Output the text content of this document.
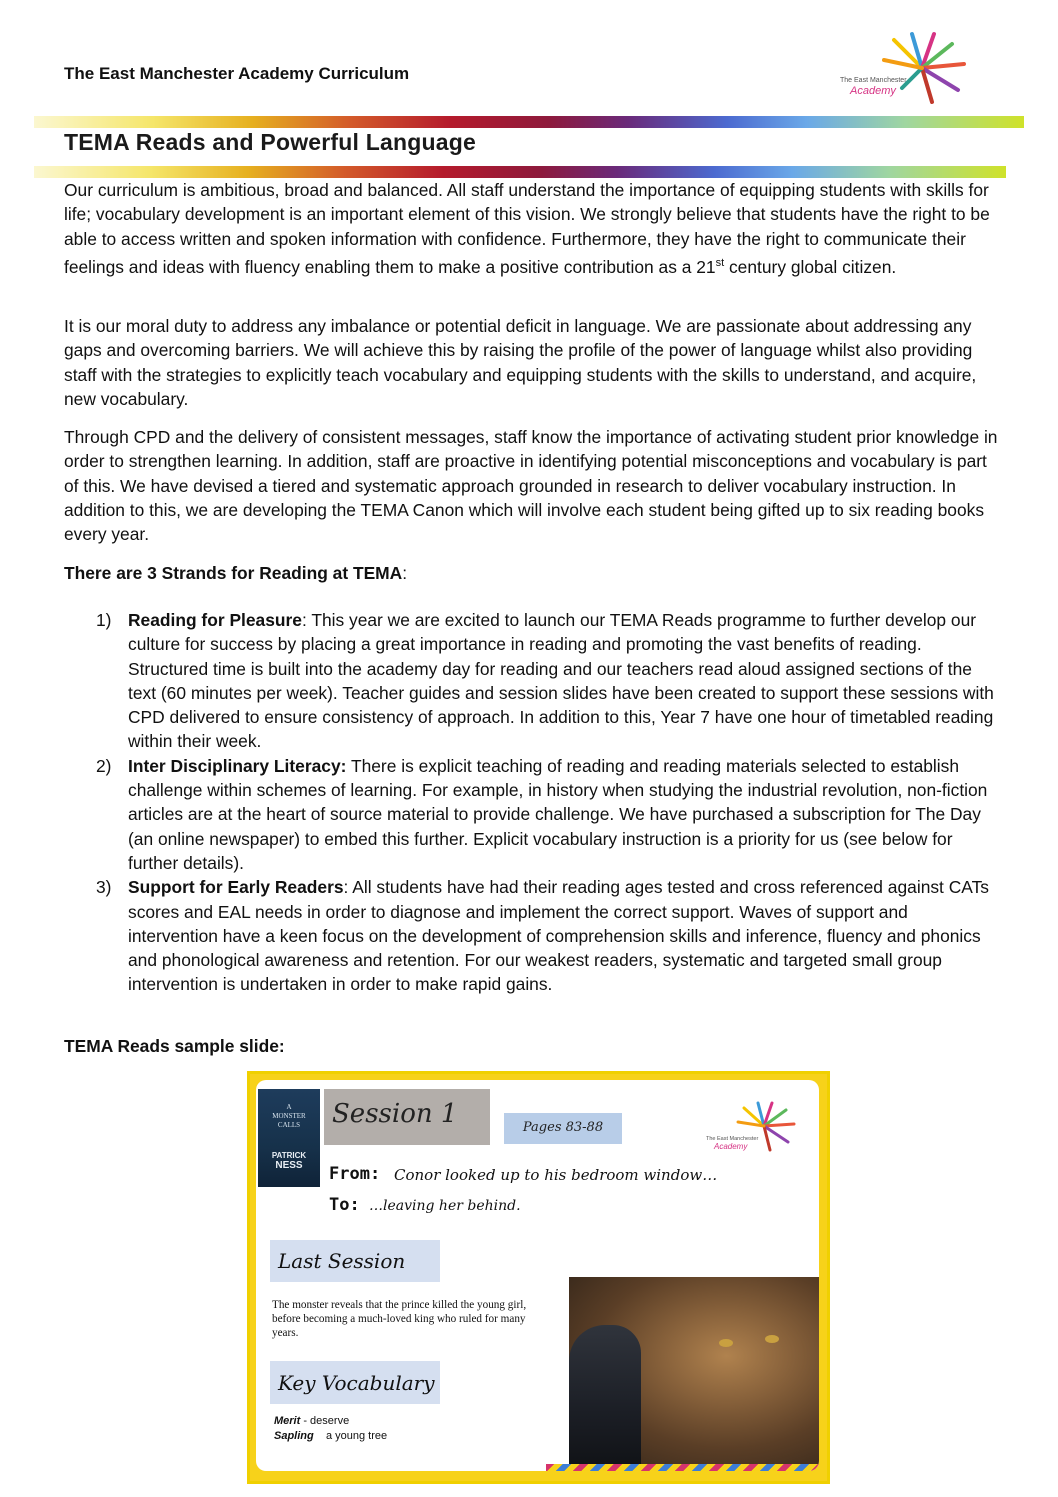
The East Manchester Academy Curriculum	The East Manchester
Academy
TEMA Reads and Powerful Language

Our curriculum is ambitious, broad and balanced. All staff understand the importance of equipping students with skills for life; vocabulary development is an important element of this vision. We strongly believe that students have the right to be able to access written and spoken information with confidence. Furthermore, they have the right to communicate their feelings and ideas with fluency enabling them to make a positive contribution as a 21st century global citizen.

It is our moral duty to address any imbalance or potential deficit in language. We are passionate about addressing any gaps and overcoming barriers. We will achieve this by raising the profile of the power of language whilst also providing staff with the strategies to explicitly teach vocabulary and equipping students with the skills to understand, and acquire, new vocabulary.

Through CPD and the delivery of consistent messages, staff know the importance of activating student prior knowledge in order to strengthen learning. In addition, staff are proactive in identifying potential misconceptions and vocabulary is part of this. We have devised a tiered and systematic approach grounded in research to deliver vocabulary instruction. In addition to this, we are developing the TEMA Canon which will involve each student being gifted up to six reading books every year.

There are 3 Strands for Reading at TEMA:
1) Reading for Pleasure: This year we are excited to launch our TEMA Reads programme to further develop our culture for success by placing a great importance in reading and promoting the vast benefits of reading. Structured time is built into the academy day for reading and our teachers read aloud assigned sections of the text (60 minutes per week). Teacher guides and session slides have been created to support these sessions with CPD delivered to ensure consistency of approach. In addition to this, Year 7 have one hour of timetabled reading within their week.
2) Inter Disciplinary Literacy: There is explicit teaching of reading and reading materials selected to establish challenge within schemes of learning. For example, in history when studying the industrial revolution, non-fiction articles are at the heart of source material to provide challenge. We have purchased a subscription for The Day (an online newspaper) to embed this further. Explicit vocabulary instruction is a priority for us (see below for further details).
3) Support for Early Readers: All students have had their reading ages tested and cross referenced against CATs scores and EAL needs in order to diagnose and implement the correct support. Waves of support and intervention have a keen focus on the development of comprehension skills and inference, fluency and phonics and phonological awareness and retention. For our weakest readers, systematic and targeted small group intervention is undertaken in order to make rapid gains.
TEMA Reads sample slide:
A
MONSTER
CALLS
PATRICK
NESS
Session 1	Pages 83-88
The East Manchester
Academy
From: Conor looked up to his bedroom window…
To: …leaving her behind.
Last Session
The monster reveals that the prince killed the young girl, before becoming a much-loved king who ruled for many years.
Key Vocabulary
Merit - deserve
Sapling    a young tree
